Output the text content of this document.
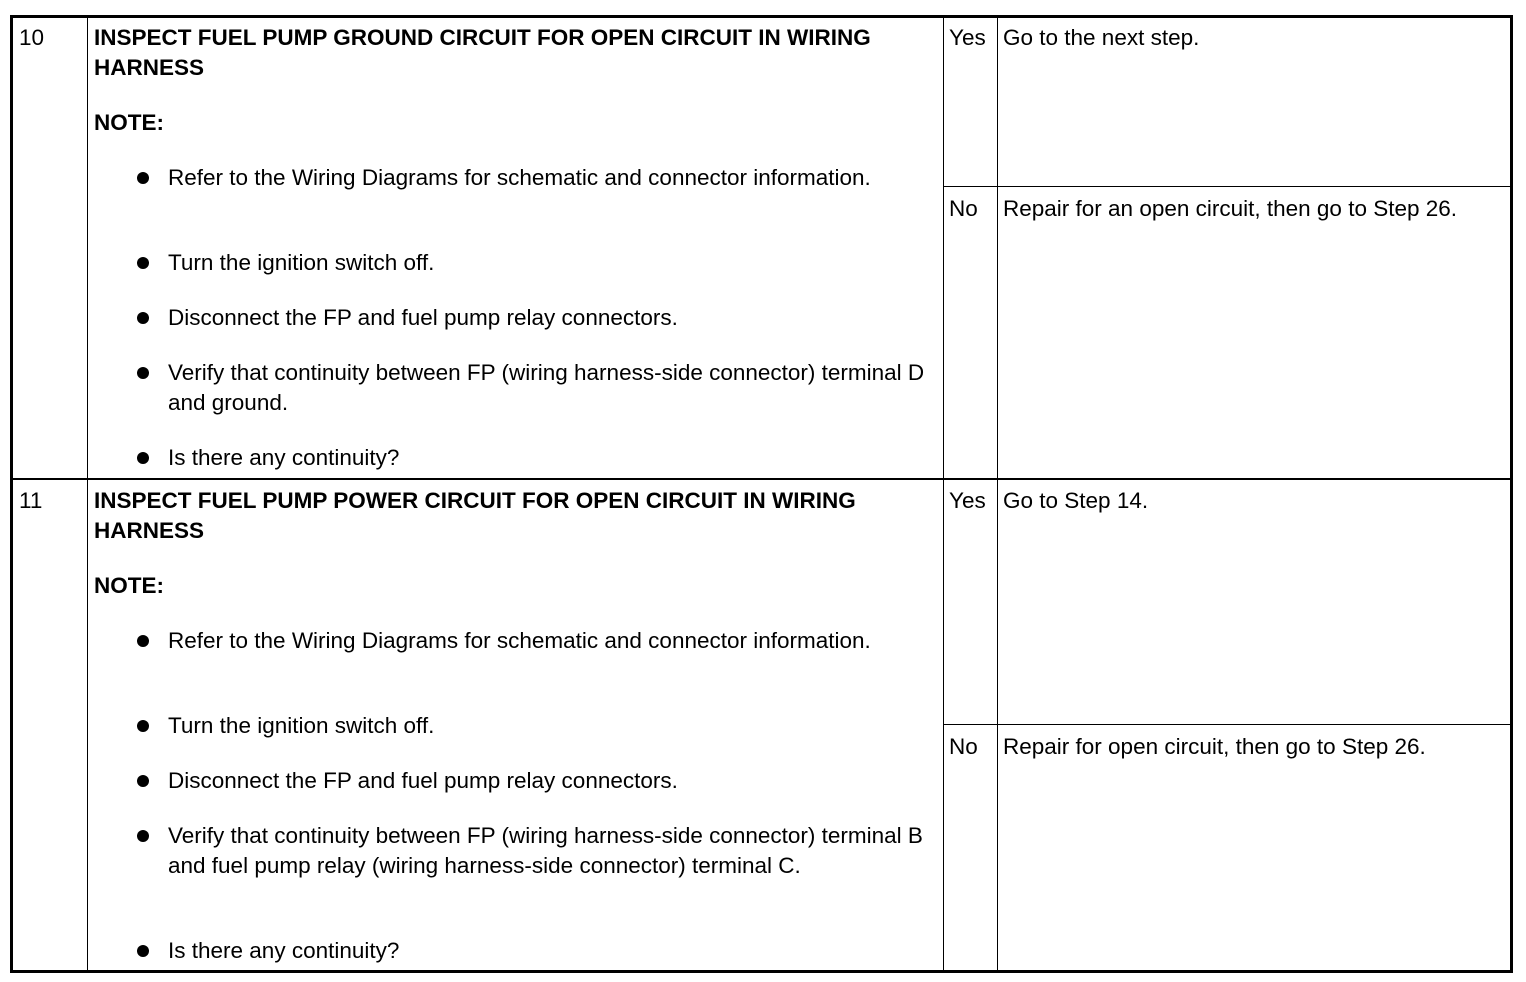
10 INSPECT FUEL PUMP GROUND CIRCUIT FOR OPEN CIRCUIT IN WIRING HARNESS
NOTE:
Refer to the Wiring Diagrams for schematic and connector information.
Turn the ignition switch off.
Disconnect the FP and fuel pump relay connectors.
Verify that continuity between FP (wiring harness-side connector) terminal D and ground.
Is there any continuity?
Yes Go to the next step.
No Repair for an open circuit, then go to Step 26.
11 INSPECT FUEL PUMP POWER CIRCUIT FOR OPEN CIRCUIT IN WIRING HARNESS
NOTE:
Refer to the Wiring Diagrams for schematic and connector information.
Turn the ignition switch off.
Disconnect the FP and fuel pump relay connectors.
Verify that continuity between FP (wiring harness-side connector) terminal B and fuel pump relay (wiring harness-side connector) terminal C.
Is there any continuity?
Yes Go to Step 14.
No Repair for open circuit, then go to Step 26.
